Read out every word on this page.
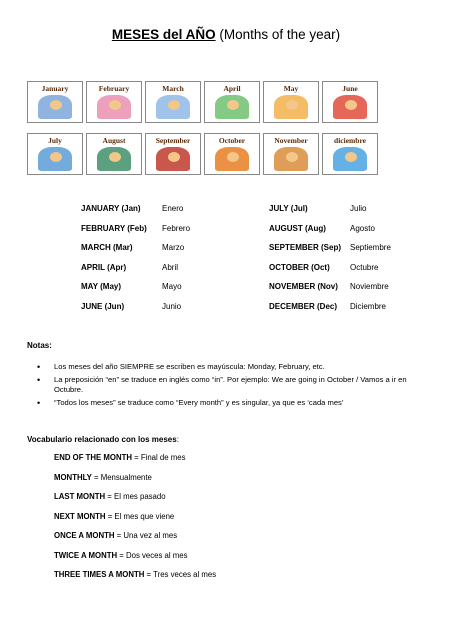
MESES del AÑO (Months of the year)
January	February	March	April	May	June
July	August	September	October	November	diciembre
JANUARY (Jan)	Enero	JULY (Jul)	Julio
FEBRUARY (Feb) Febrero	AUGUST (Aug)	Agosto
MARCH (Mar)	Marzo	SEPTEMBER (Sep) Septiembre
APRIL (Apr)	Abril	OCTOBER (Oct)	Octubre
MAY (May)	Mayo	NOVEMBER (Nov) Noviembre
JUNE (Jun)	Junio	DECEMBER (Dec) Diciembre
Notas:
• Los meses del año SIEMPRE se escriben es mayúscula: Monday, February, etc.
• La preposición “en” se traduce en inglés como “in”. Por ejemplo: We are going in October / Vamos a ir en Octubre.
• “Todos los meses” se traduce como “Every month” y es singular, ya que es ‘cada mes’
Vocabulario relacionado con los meses:
END OF THE MONTH = Final de mes
MONTHLY = Mensualmente
LAST MONTH = El mes pasado
NEXT MONTH = El mes que viene
ONCE A MONTH = Una vez al mes
TWICE A MONTH = Dos veces al mes
THREE TIMES A MONTH = Tres veces al mes
